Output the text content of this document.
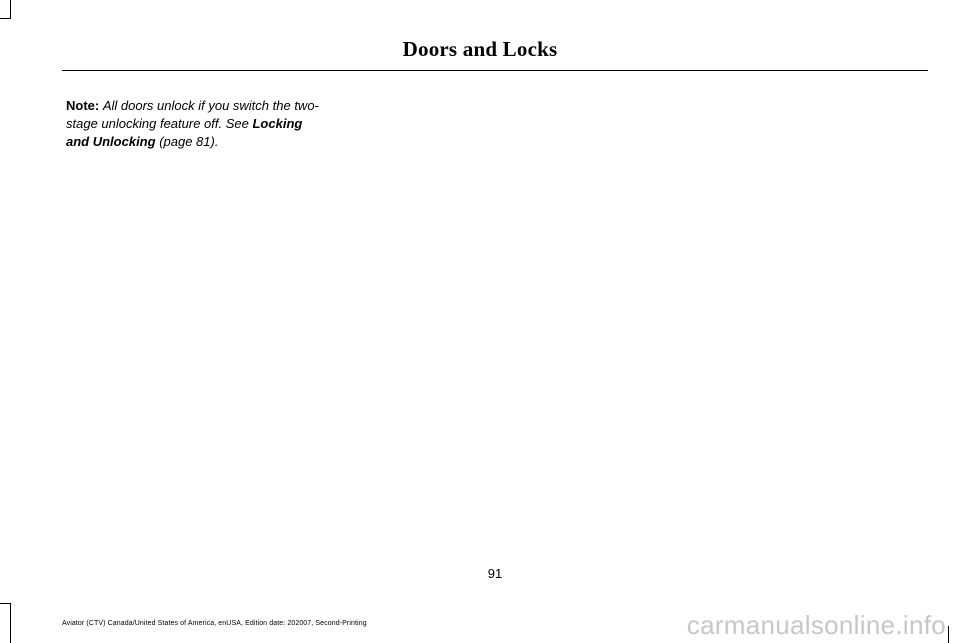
Doors and Locks
Note: All doors unlock if you switch the two-stage unlocking feature off. See Locking and Unlocking (page 81).
91
Aviator (CTV) Canada/United States of America, enUSA, Edition date: 202007, Second-Printing	carmanualsonline.info
